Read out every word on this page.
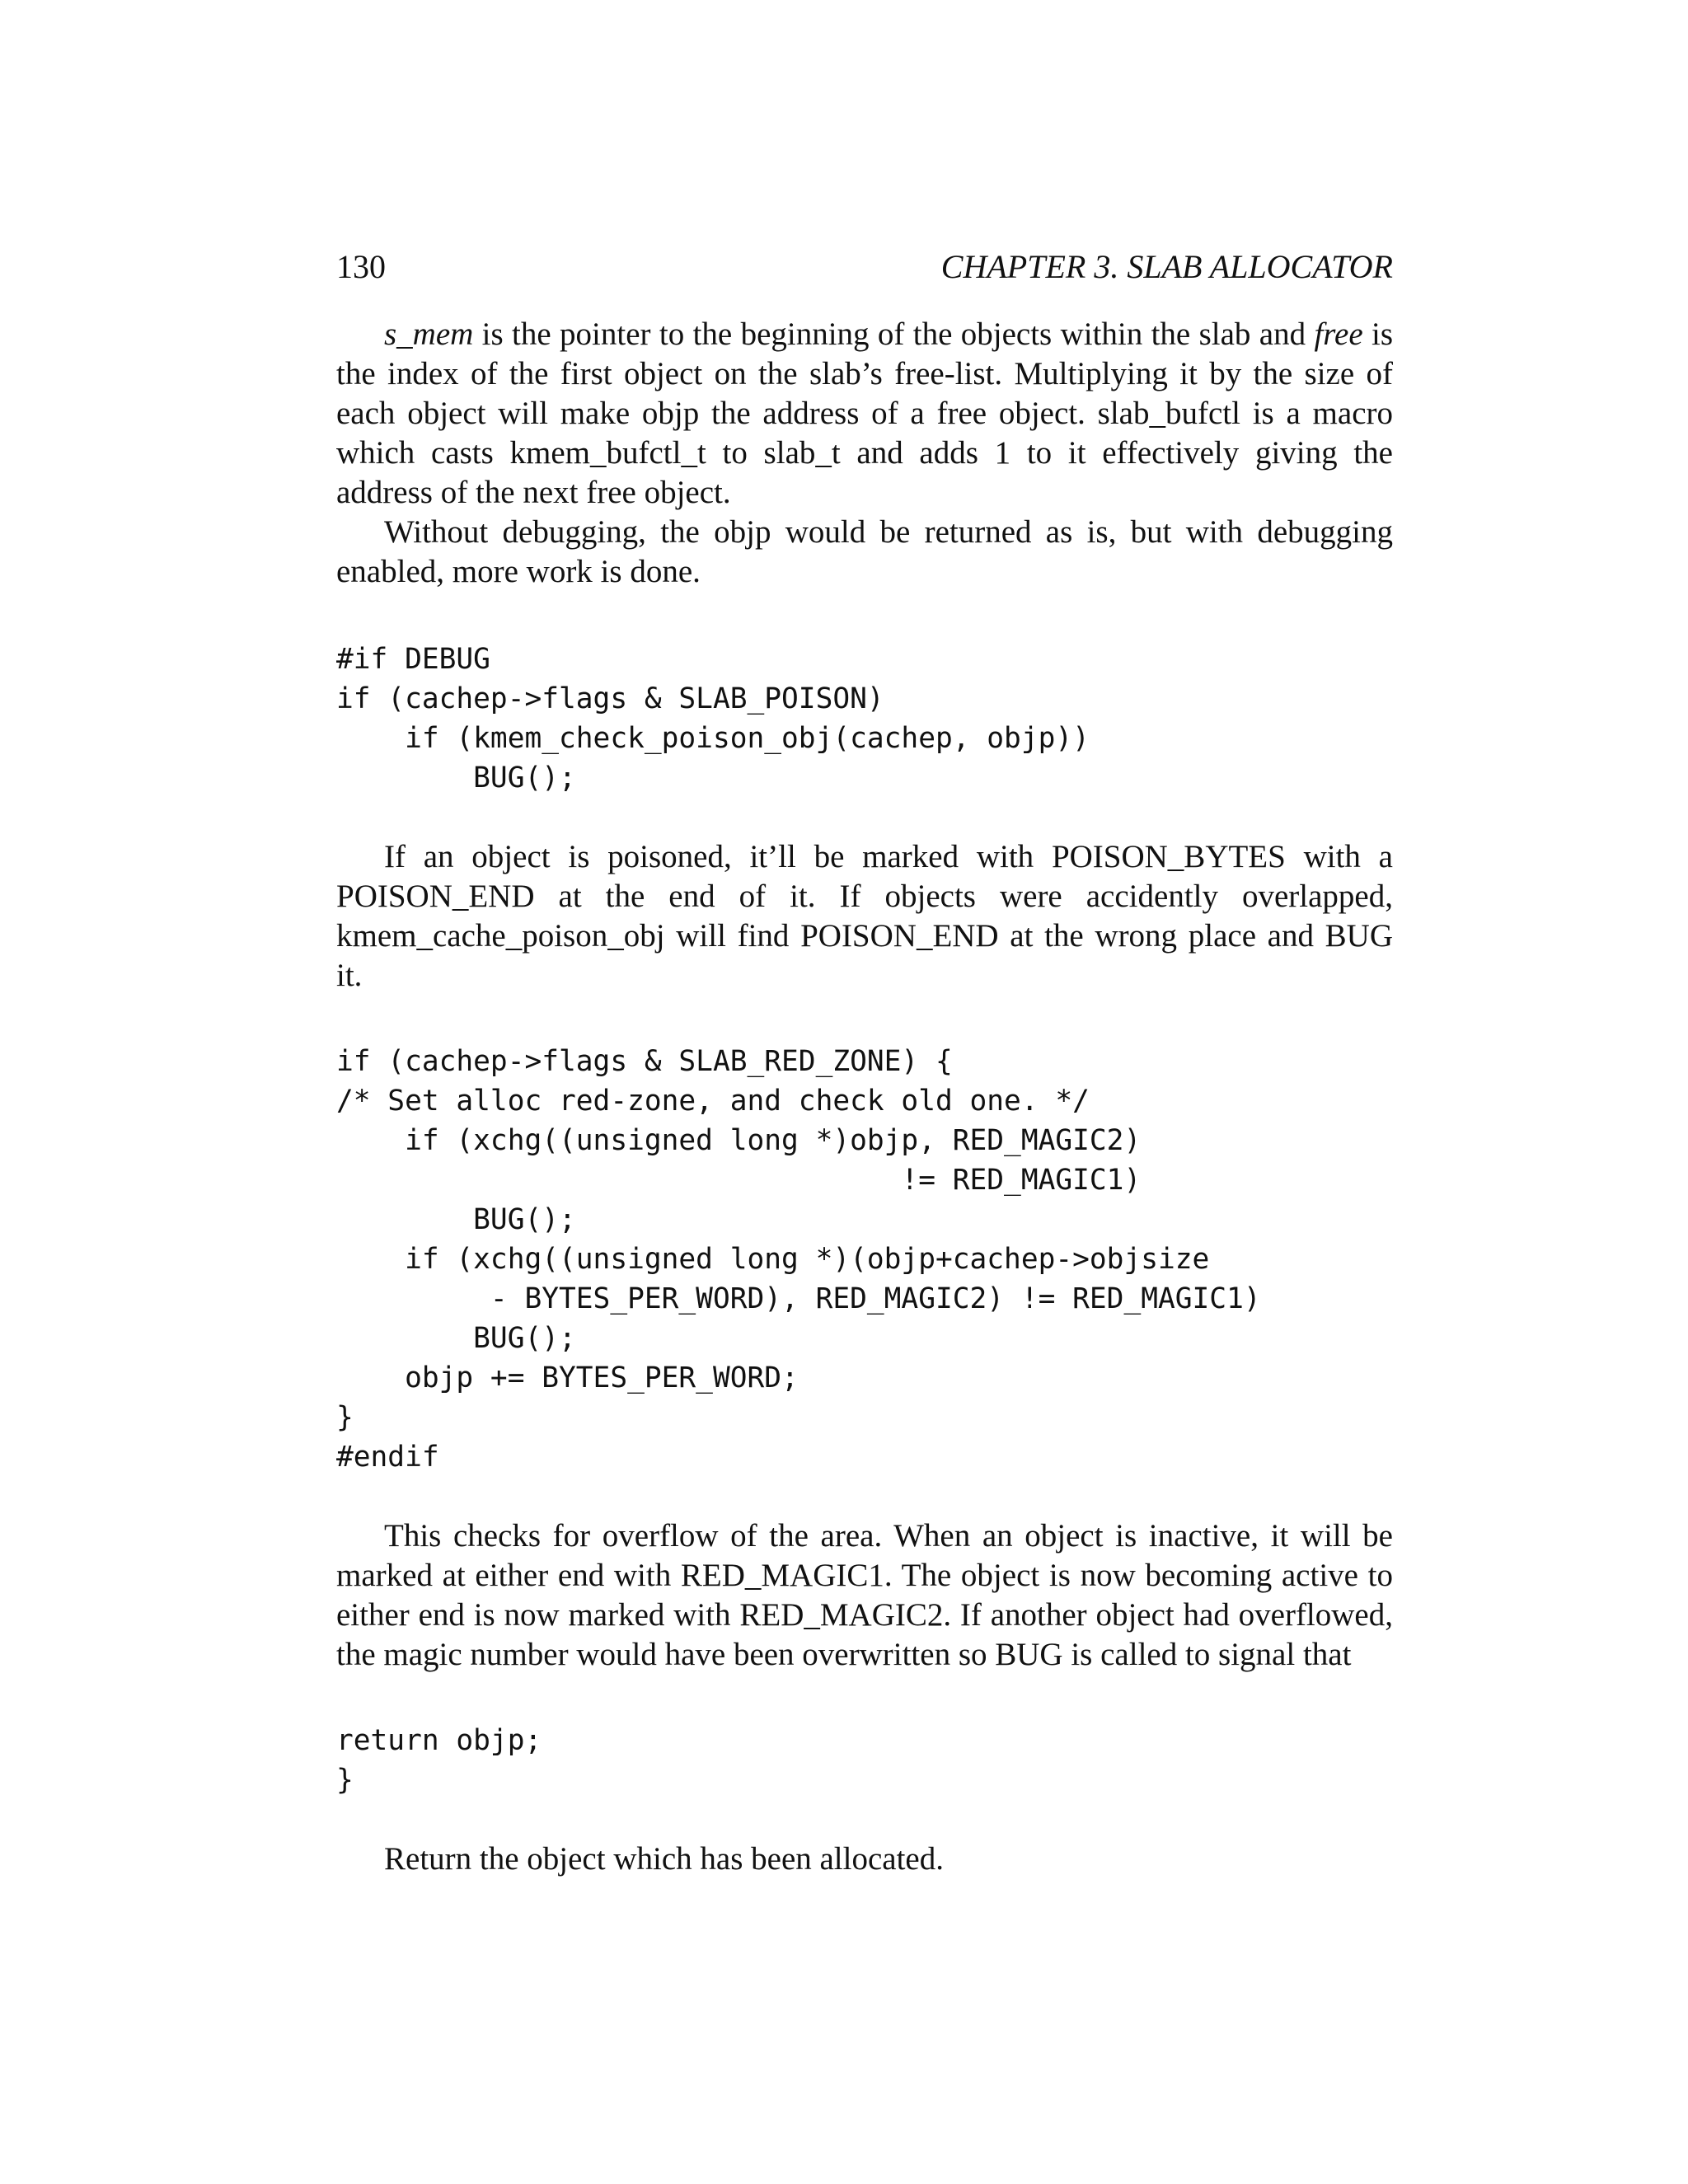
130	CHAPTER 3. SLAB ALLOCATOR

s_mem is the pointer to the beginning of the objects within the slab and free is the index of the first object on the slab’s free-list. Multiplying it by the size of each object will make objp the address of a free object. slab_bufctl is a macro which casts kmem_bufctl_t to slab_t and adds 1 to it effectively giving the address of the next free object.

Without debugging, the objp would be returned as is, but with debugging enabled, more work is done.

#if DEBUG
if (cachep->flags & SLAB_POISON)
if (kmem_check_poison_obj(cachep, objp))
BUG();

If an object is poisoned, it’ll be marked with POISON_BYTES with a POISON_END at the end of it. If objects were accidently overlapped, kmem_cache_poison_obj will find POISON_END at the wrong place and BUG it.

if (cachep->flags & SLAB_RED_ZONE) {
/* Set alloc red-zone, and check old one. */
if (xchg((unsigned long *)objp, RED_MAGIC2)
!= RED_MAGIC1)
BUG();
if (xchg((unsigned long *)(objp+cachep->objsize
- BYTES_PER_WORD), RED_MAGIC2) != RED_MAGIC1)
BUG();
objp += BYTES_PER_WORD;
}
#endif

This checks for overflow of the area. When an object is inactive, it will be marked at either end with RED_MAGIC1. The object is now becoming active to either end is now marked with RED_MAGIC2. If another object had overflowed, the magic number would have been overwritten so BUG is called to signal that

return objp;
}

Return the object which has been allocated.
